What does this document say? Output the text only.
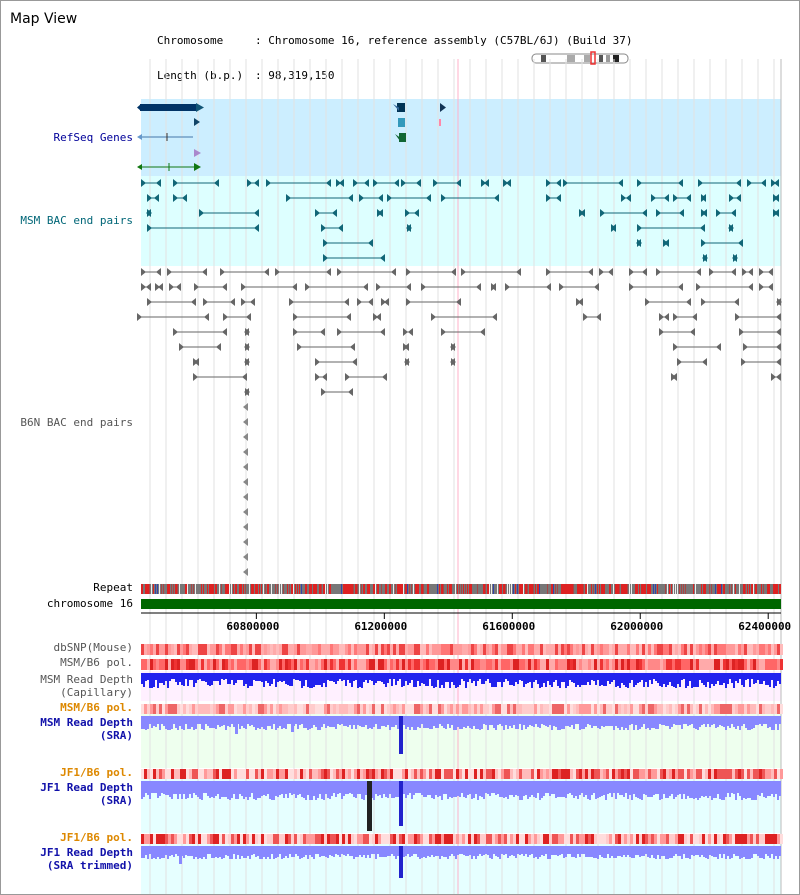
Map View

Chromosome	: Chromosome 16, reference assembly (C57BL/6J) (Build 37)

Length (b.p.) : 98,319,150

RefSeq Genes
MSM BAC end pairs
B6N BAC end pairs
Repeat
chromosome 16
dbSNP(Mouse)
MSM/B6 pol.
MSM Read Depth
(Capillary)
MSM/B6 pol.
MSM Read Depth
(SRA)
JF1/B6 pol.
JF1 Read Depth
(SRA)
JF1/B6 pol.
JF1 Read Depth
(SRA trimmed)
60800000	61200000	61600000	62000000	62400000
